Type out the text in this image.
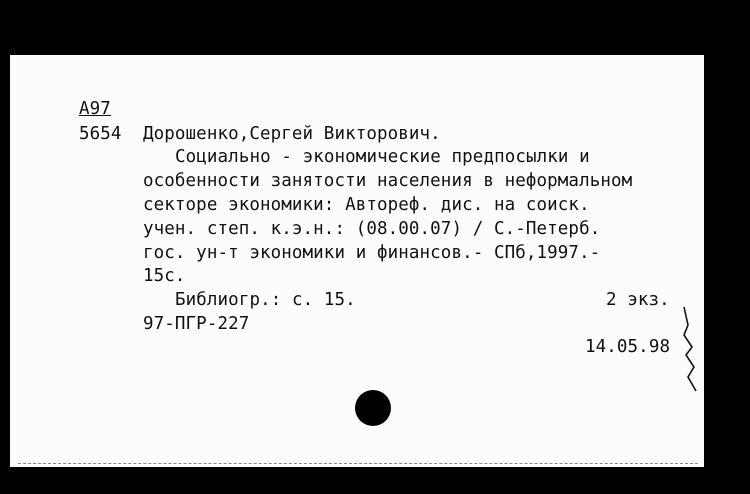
А97
5654 Дорошенко,Сергей Викторович.
Социально - экономические предпосылки и
особенности занятости населения в неформальном
секторе экономики: Автореф. дис. на соиск.
учен. степ. к.э.н.: (08.00.07) / С.-Петерб.
гос. ун-т экономики и финансов.- СПб,1997.-
15с.
Библиогр.: с. 15.	2 экз.
97-ПГР-227
14.05.98
